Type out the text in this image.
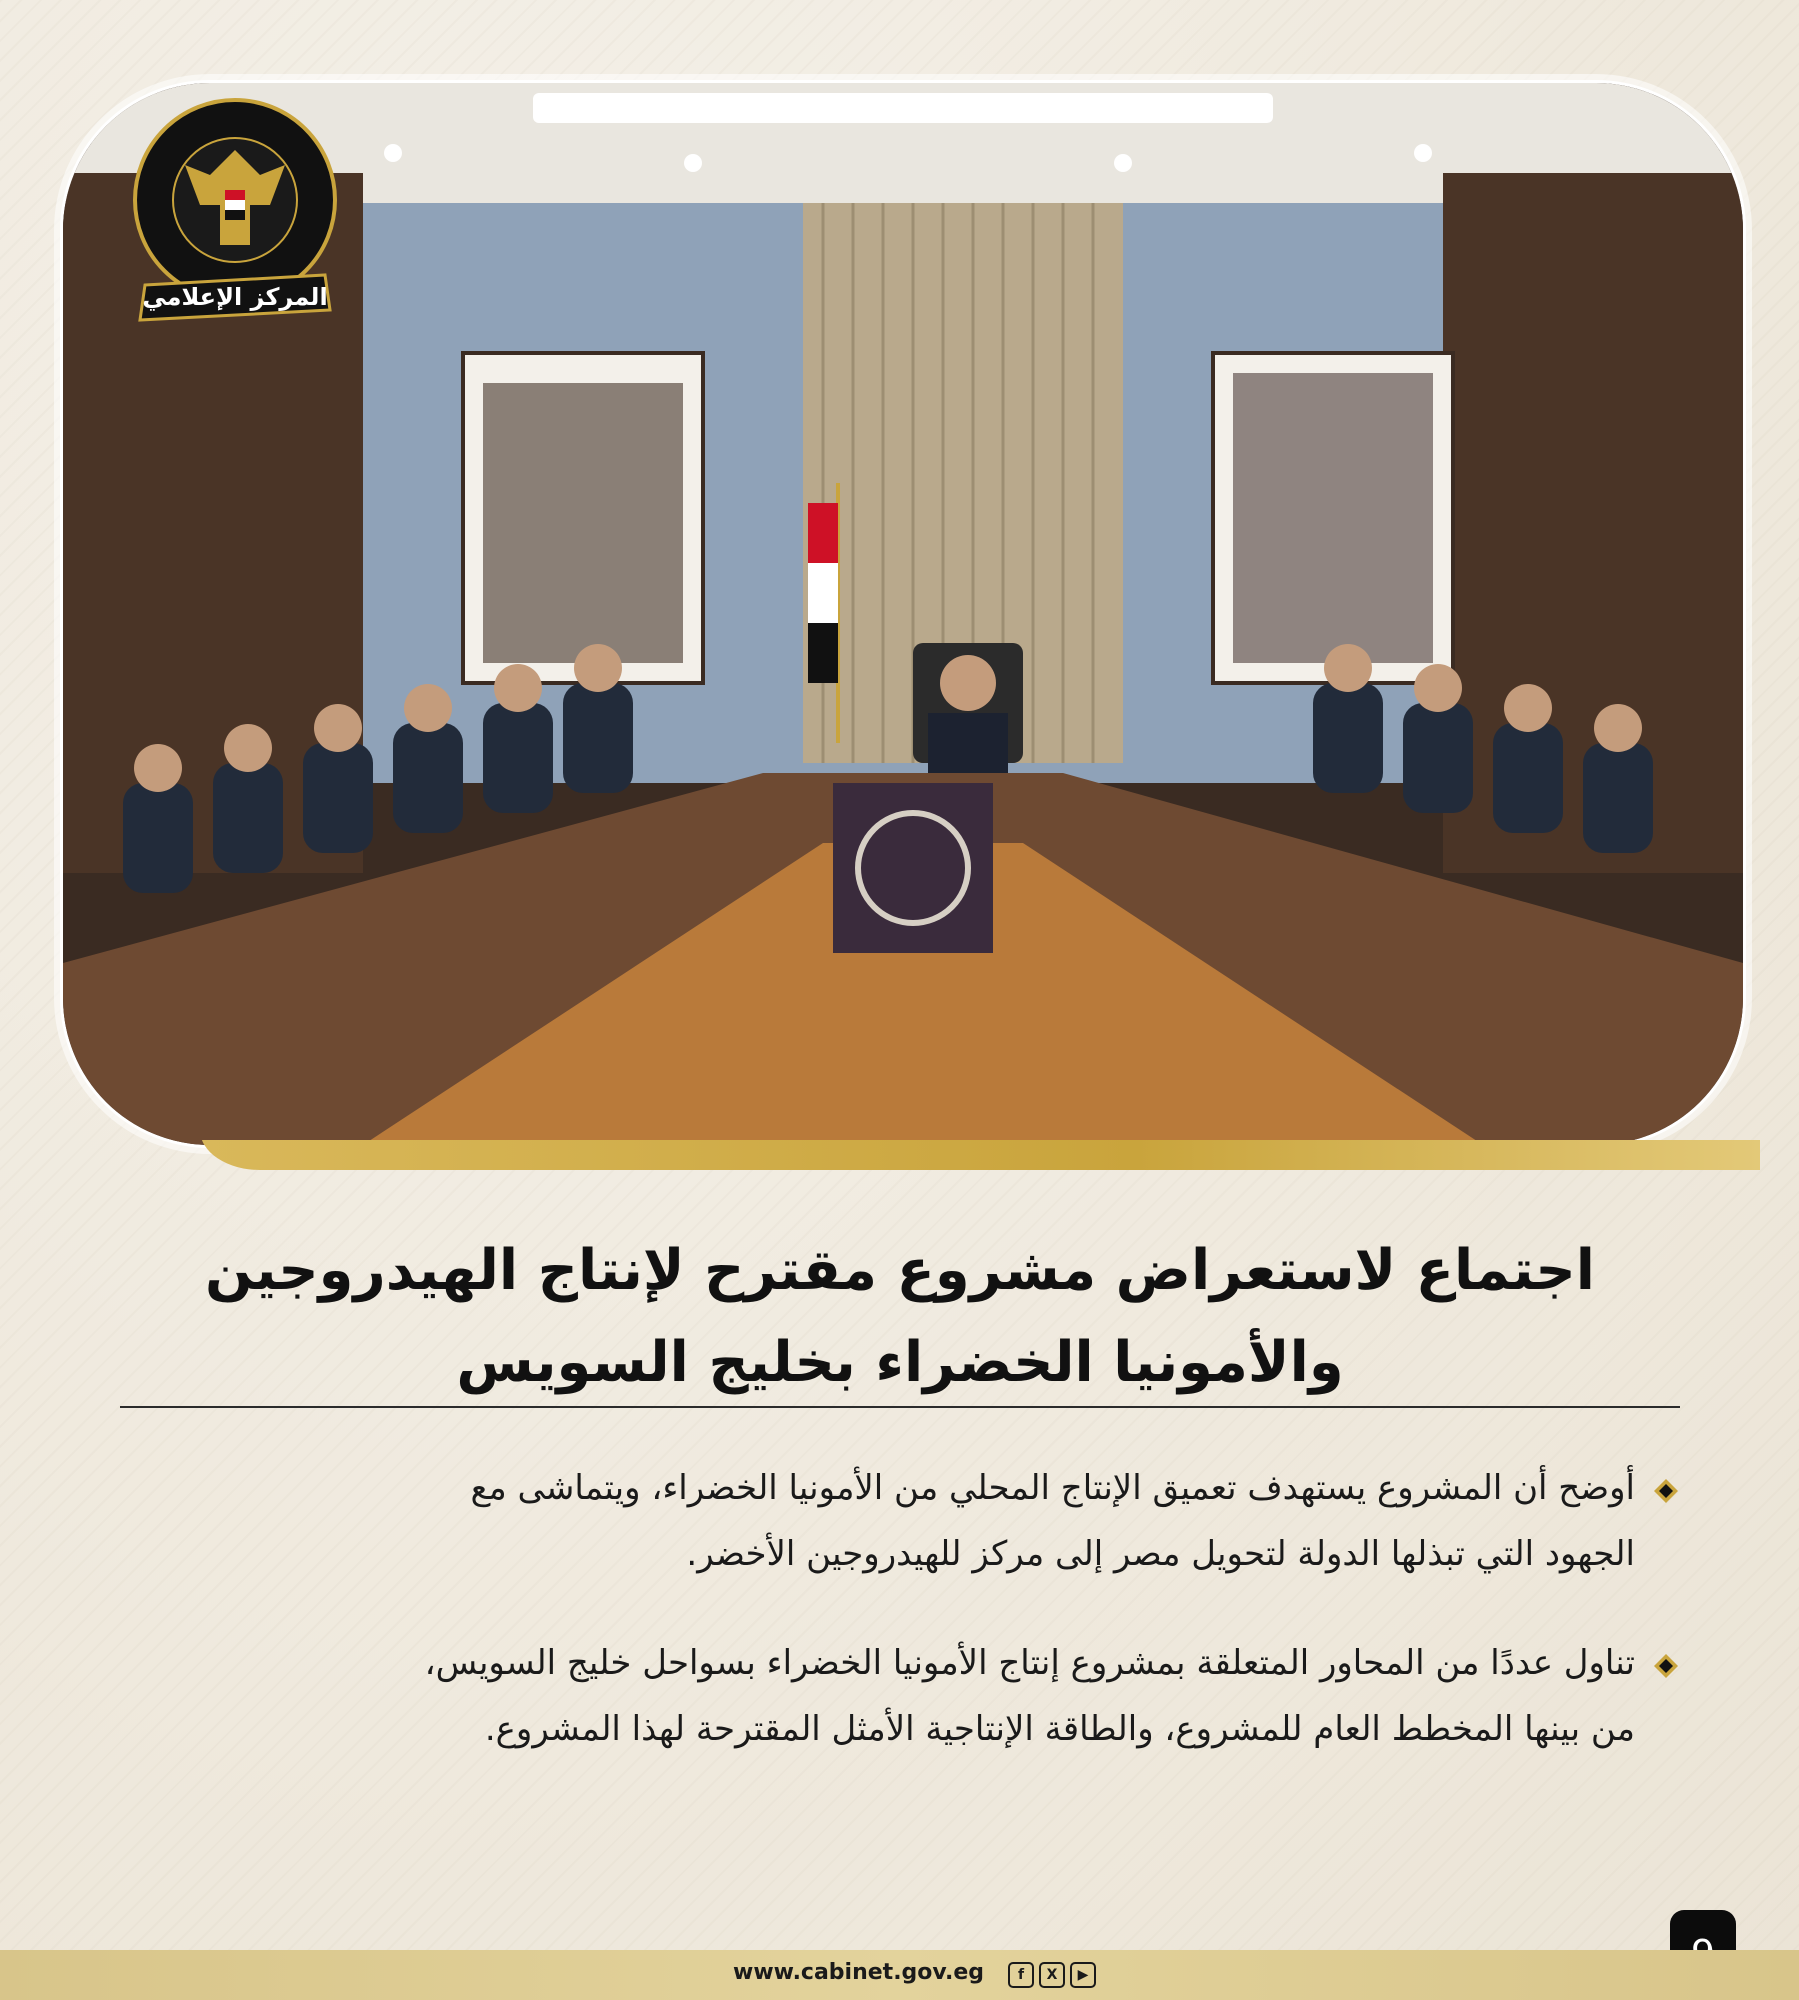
المركز الإعلامي
اجتماع لاستعراض مشروع مقترح لإنتاج الهيدروجين
والأمونيا الخضراء بخليج السويس
أوضح أن المشروع يستهدف تعميق الإنتاج المحلي من الأمونيا الخضراء، ويتماشى مع
الجهود التي تبذلها الدولة لتحويل مصر إلى مركز للهيدروجين الأخضر.
تناول عددًا من المحاور المتعلقة بمشروع إنتاج الأمونيا الخضراء بسواحل خليج السويس،
من بينها المخطط العام للمشروع، والطاقة الإنتاجية الأمثل المقترحة لهذا المشروع.
www.cabinet.gov.eg	f	X	▶
